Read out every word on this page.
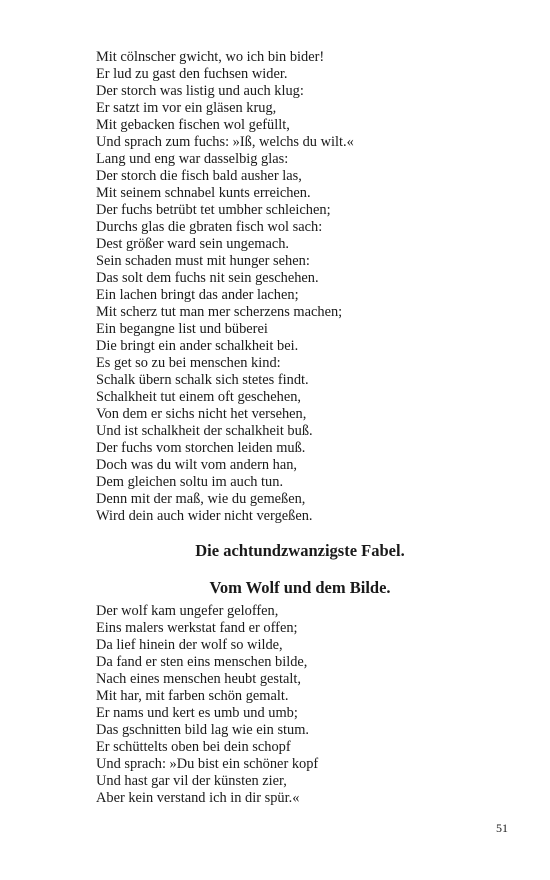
Mit cölnscher gwicht, wo ich bin bider!
Er lud zu gast den fuchsen wider.
Der storch was listig und auch klug:
Er satzt im vor ein gläsen krug,
Mit gebacken fischen wol gefüllt,
Und sprach zum fuchs: »Iß, welchs du wilt.«
Lang und eng war dasselbig glas:
Der storch die fisch bald ausher las,
Mit seinem schnabel kunts erreichen.
Der fuchs betrübt tet umbher schleichen;
Durchs glas die gbraten fisch wol sach:
Dest größer ward sein ungemach.
Sein schaden must mit hunger sehen:
Das solt dem fuchs nit sein geschehen.
Ein lachen bringt das ander lachen;
Mit scherz tut man mer scherzens machen;
Ein begangne list und büberei
Die bringt ein ander schalkheit bei.
Es get so zu bei menschen kind:
Schalk übern schalk sich stetes findt.
Schalkheit tut einem oft geschehen,
Von dem er sichs nicht het versehen,
Und ist schalkheit der schalkheit buß.
Der fuchs vom storchen leiden muß.
Doch was du wilt vom andern han,
Dem gleichen soltu im auch tun.
Denn mit der maß, wie du gemeßen,
Wird dein auch wider nicht vergeßen.
Die achtundzwanzigste Fabel.
Vom Wolf und dem Bilde.
Der wolf kam ungefer geloffen,
Eins malers werkstat fand er offen;
Da lief hinein der wolf so wilde,
Da fand er sten eins menschen bilde,
Nach eines menschen heubt gestalt,
Mit har, mit farben schön gemalt.
Er nams und kert es umb und umb;
Das gschnitten bild lag wie ein stum.
Er schüttelts oben bei dein schopf
Und sprach: »Du bist ein schöner kopf
Und hast gar vil der künsten zier,
Aber kein verstand ich in dir spür.«
51
